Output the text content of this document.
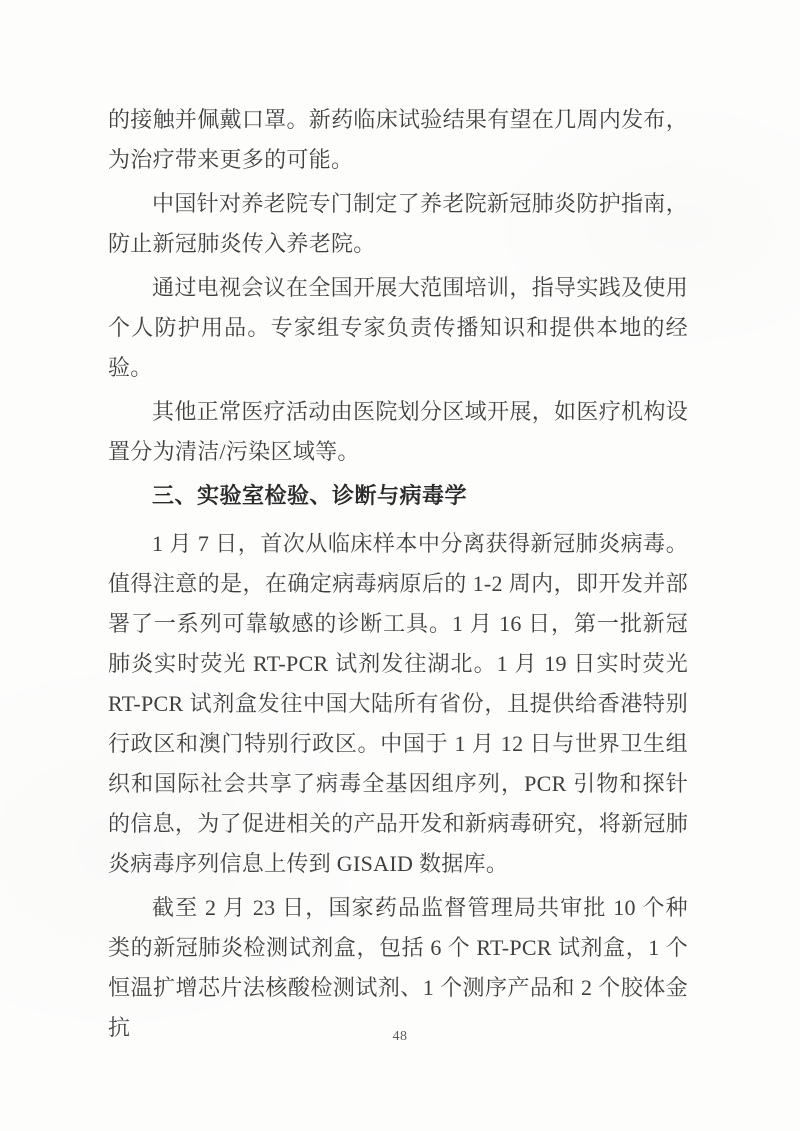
的接触并佩戴口罩。新药临床试验结果有望在几周内发布，为治疗带来更多的可能。

中国针对养老院专门制定了养老院新冠肺炎防护指南，防止新冠肺炎传入养老院。

通过电视会议在全国开展大范围培训，指导实践及使用个人防护用品。专家组专家负责传播知识和提供本地的经验。

其他正常医疗活动由医院划分区域开展，如医疗机构设置分为清洁/污染区域等。

三、实验室检验、诊断与病毒学

1 月 7 日，首次从临床样本中分离获得新冠肺炎病毒。值得注意的是，在确定病毒病原后的 1-2 周内，即开发并部署了一系列可靠敏感的诊断工具。1 月 16 日，第一批新冠肺炎实时荧光 RT-PCR 试剂发往湖北。1 月 19 日实时荧光 RT-PCR 试剂盒发往中国大陆所有省份，且提供给香港特别行政区和澳门特别行政区。中国于 1 月 12 日与世界卫生组织和国际社会共享了病毒全基因组序列，PCR 引物和探针的信息，为了促进相关的产品开发和新病毒研究，将新冠肺炎病毒序列信息上传到 GISAID 数据库。

截至 2 月 23 日，国家药品监督管理局共审批 10 个种类的新冠肺炎检测试剂盒，包括 6 个 RT-PCR 试剂盒，1 个恒温扩增芯片法核酸检测试剂、1 个测序产品和 2 个胶体金抗	48
